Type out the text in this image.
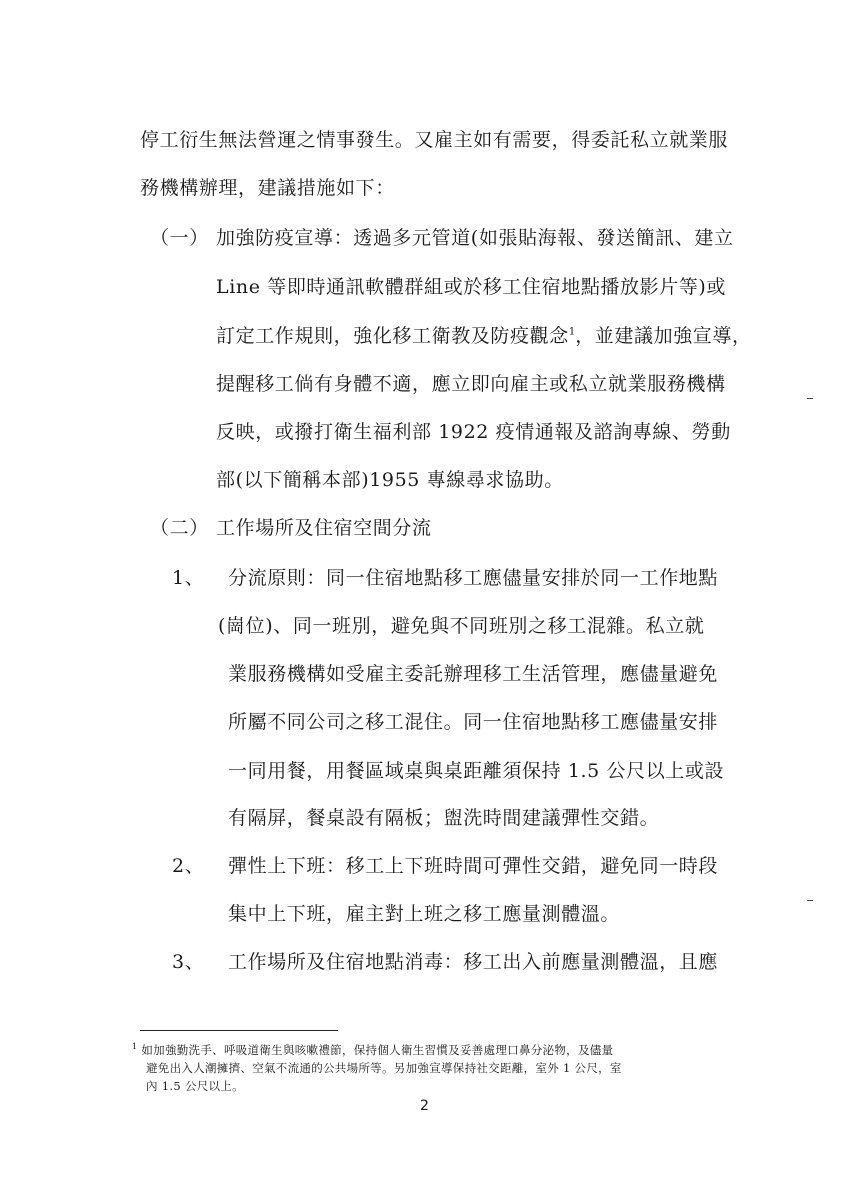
停工衍生無法營運之情事發生。又雇主如有需要，得委託私立就業服
務機構辦理，建議措施如下：
（一） 加強防疫宣導：透過多元管道(如張貼海報、發送簡訊、建立
Line 等即時通訊軟體群組或於移工住宿地點播放影片等)或
訂定工作規則，強化移工衛教及防疫觀念$^1$，並建議加強宣導，
提醒移工倘有身體不適，應立即向雇主或私立就業服務機構
反映，或撥打衛生福利部 1922 疫情通報及諮詢專線、勞動
部(以下簡稱本部)1955 專線尋求協助。
（二） 工作場所及住宿空間分流
1、 分流原則：同一住宿地點移工應儘量安排於同一工作地點
(崗位)、同一班別，避免與不同班別之移工混雜。私立就
業服務機構如受雇主委託辦理移工生活管理，應儘量避免
所屬不同公司之移工混住。同一住宿地點移工應儘量安排
一同用餐，用餐區域桌與桌距離須保持 1.5 公尺以上或設
有隔屏，餐桌設有隔板；盥洗時間建議彈性交錯。
2、 彈性上下班：移工上下班時間可彈性交錯，避免同一時段
集中上下班，雇主對上班之移工應量測體溫。
3、 工作場所及住宿地點消毒：移工出入前應量測體溫，且應
$^1$ 如加強勤洗手、呼吸道衛生與咳嗽禮節，保持個人衛生習慣及妥善處理口鼻分泌物，及儘量
避免出入人潮擁擠、空氣不流通的公共場所等。另加強宣導保持社交距離，室外 1 公尺，室
內 1.5 公尺以上。
2
